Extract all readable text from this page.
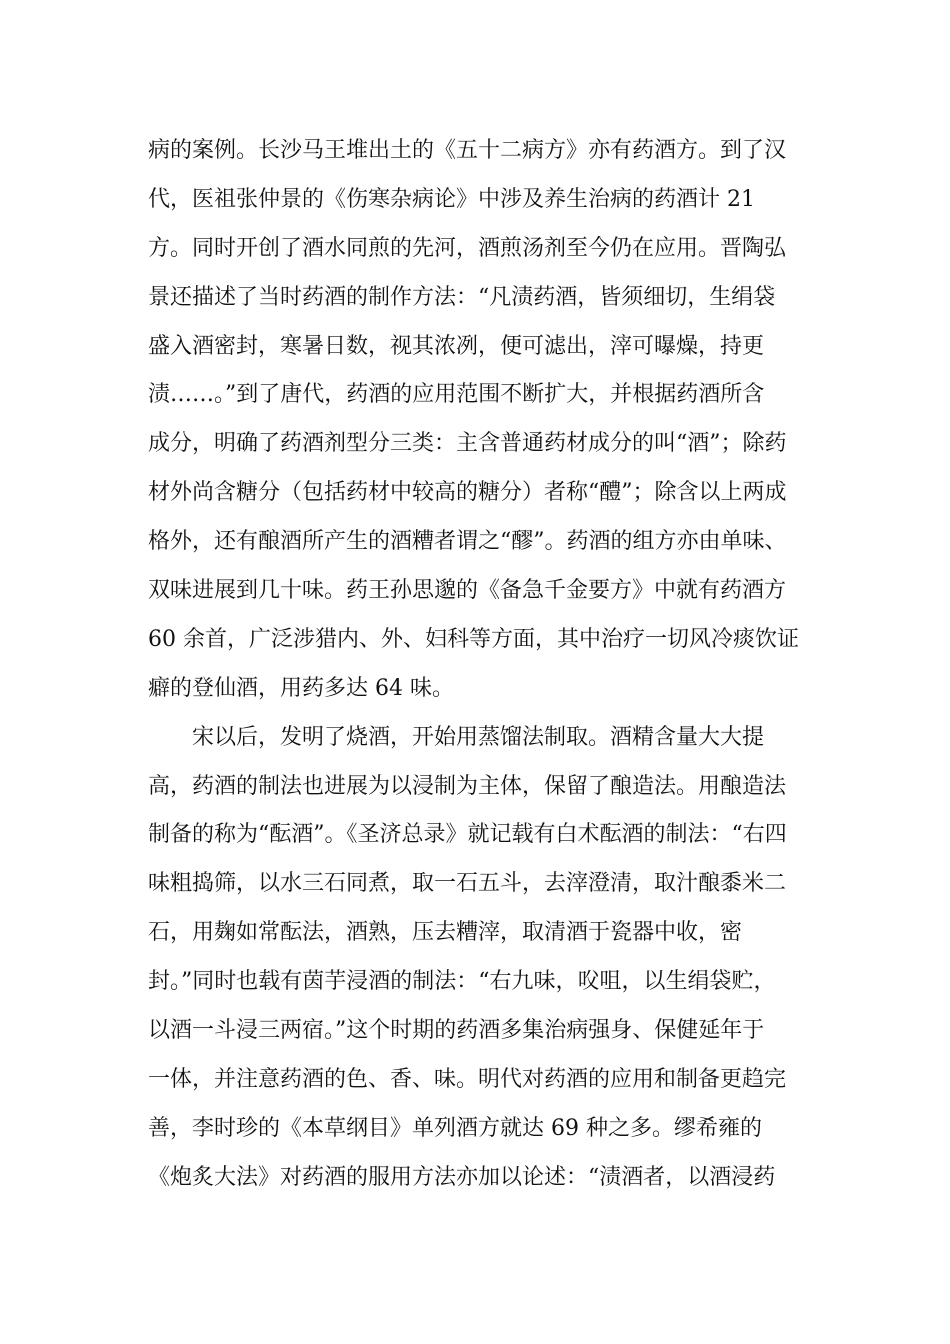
病的案例。长沙马王堆出土的《五十二病方》亦有药酒方。到了汉
代，医祖张仲景的《伤寒杂病论》中涉及养生治病的药酒计 21
方。同时开创了酒水同煎的先河，酒煎汤剂至今仍在应用。晋陶弘
景还描述了当时药酒的制作方法：“凡渍药酒，皆须细切，生绢袋
盛入酒密封，寒暑日数，视其浓冽，便可滤出，滓可曝燥，持更
渍……。”到了唐代，药酒的应用范围不断扩大，并根据药酒所含
成分，明确了药酒剂型分三类：主含普通药材成分的叫“酒”；除药
材外尚含糖分（包括药材中较高的糖分）者称“醴”；除含以上两成
格外，还有酿酒所产生的酒糟者谓之“醪”。药酒的组方亦由单味、
双味进展到几十味。药王孙思邈的《备急千金要方》中就有药酒方
60 余首，广泛涉猎内、外、妇科等方面，其中治疗一切风冷痰饮证
癖的登仙酒，用药多达 64 味。
宋以后，发明了烧酒，开始用蒸馏法制取。酒精含量大大提
高，药酒的制法也进展为以浸制为主体，保留了酿造法。用酿造法
制备的称为“酝酒”。《圣济总录》就记载有白术酝酒的制法：“右四
味粗捣筛，以水三石同煮，取一石五斗，去滓澄清，取汁酿黍米二
石，用麹如常酝法，酒熟，压去糟滓，取清酒于瓷器中收，密
封。”同时也载有茵芋浸酒的制法：“右九味，㕮咀，以生绢袋贮，
以酒一斗浸三两宿。”这个时期的药酒多集治病强身、保健延年于
一体，并注意药酒的色、香、味。明代对药酒的应用和制备更趋完
善，李时珍的《本草纲目》单列酒方就达 69 种之多。缪希雍的
《炮炙大法》对药酒的服用方法亦加以论述：“渍酒者，以酒浸药
